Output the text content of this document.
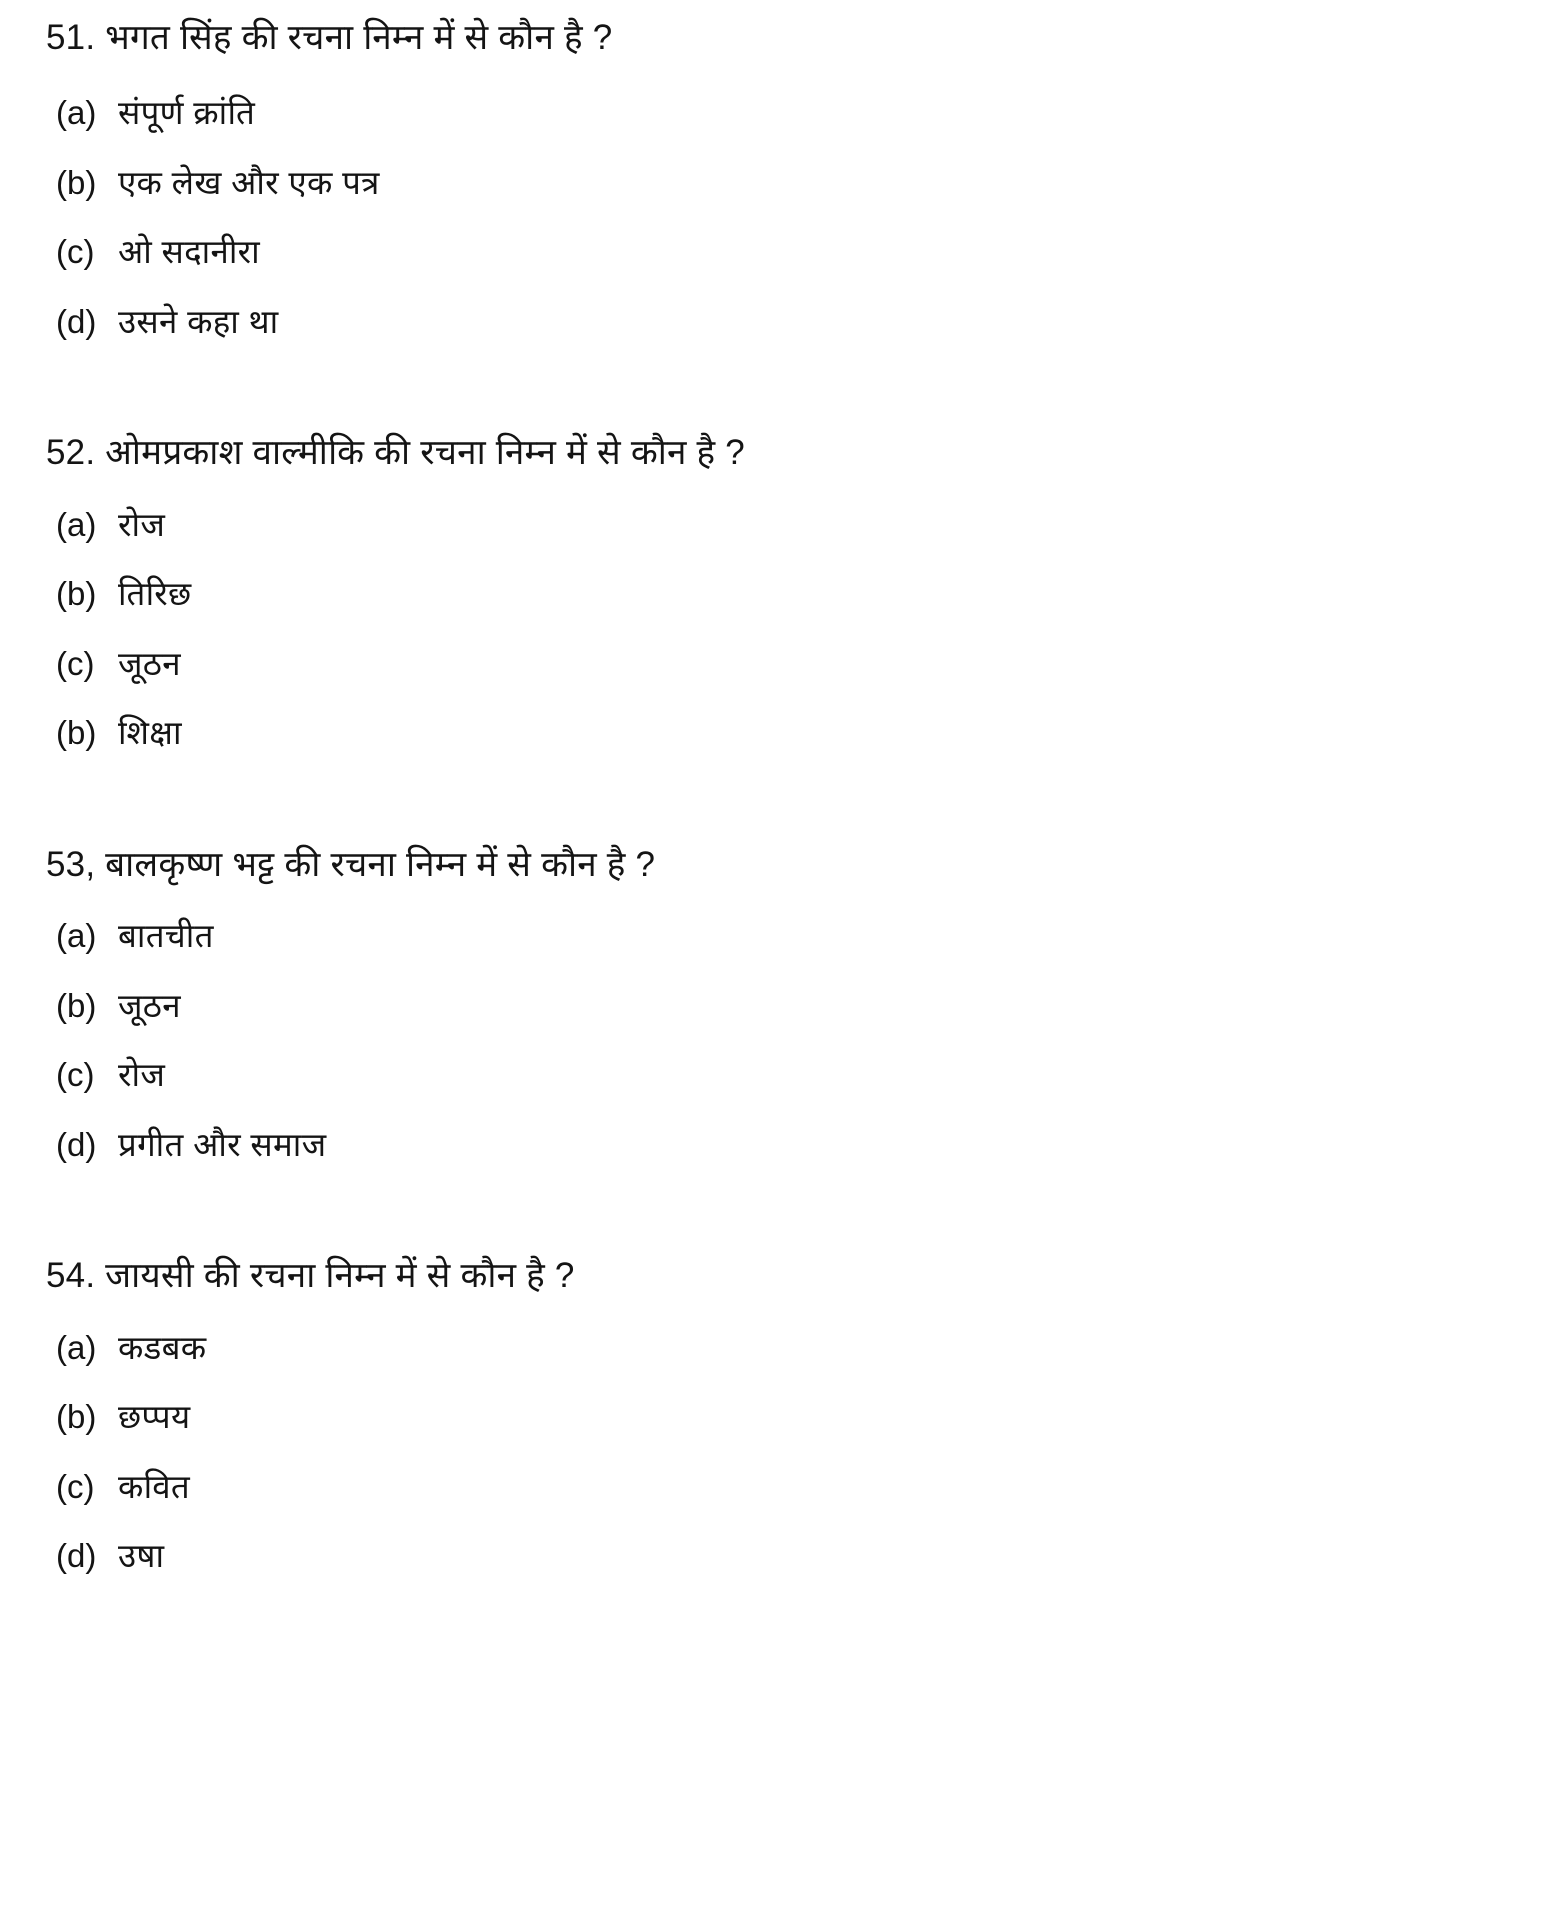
51. भगत सिंह की रचना निम्न में से कौन है ?

(a) संपूर्ण क्रांति
(b) एक लेख और एक पत्र
(c) ओ सदानीरा
(d) उसने कहा था

52. ओमप्रकाश वाल्मीकि की रचना निम्न में से कौन है ?

(a) रोज
(b) तिरिछ
(c) जूठन
(b) शिक्षा

53, बालकृष्ण भट्ट की रचना निम्न में से कौन है ?

(a) बातचीत
(b) जूठन
(c) रोज
(d) प्रगीत और समाज

54. जायसी की रचना निम्न में से कौन है ?

(a) कडबक
(b) छप्पय
(c) कवित
(d) उषा
